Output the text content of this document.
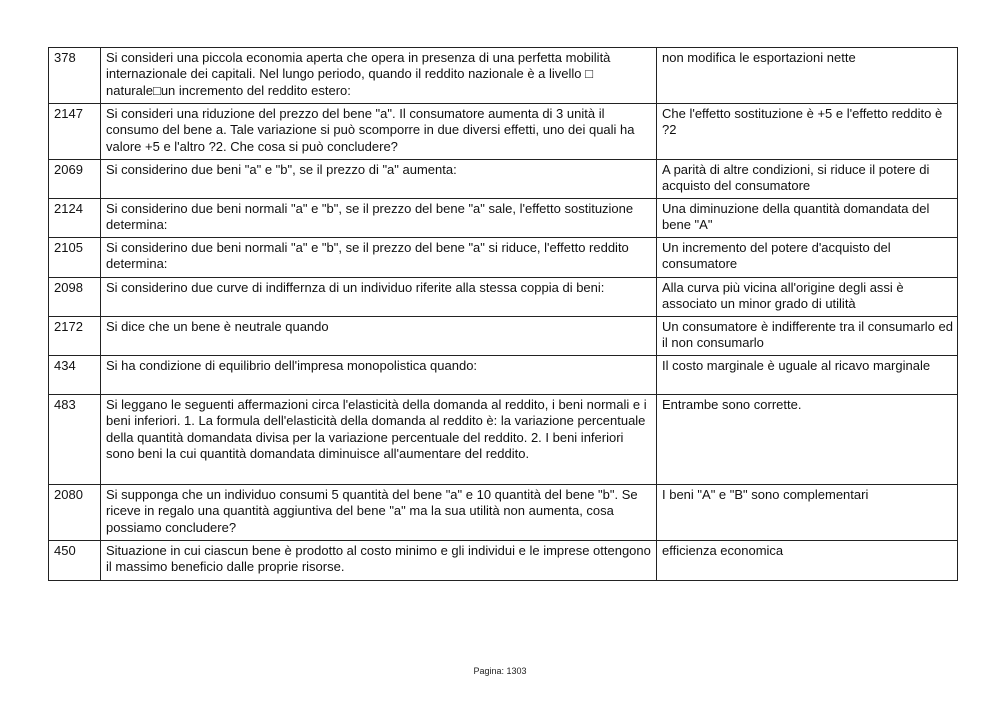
378	Si consideri una piccola economia aperta che opera in presenza di una perfetta mobilità internazionale dei capitali. Nel lungo periodo, quando il reddito nazionale è a livello □ naturale□un incremento del reddito estero:	non modifica le esportazioni nette
2147	Si consideri una riduzione del prezzo del bene "a". Il consumatore aumenta di 3 unità il consumo del bene a. Tale variazione si può scomporre in due diversi effetti, uno dei quali ha valore +5 e l'altro ?2. Che cosa si può concludere?	Che l'effetto sostituzione è +5 e l'effetto reddito è ?2
2069	Si considerino due beni "a" e "b", se il prezzo di "a" aumenta:	A parità di altre condizioni, si riduce il potere di acquisto del consumatore
2124	Si considerino due beni normali "a" e "b", se il prezzo del bene "a" sale, l'effetto sostituzione determina:	Una diminuzione della quantità domandata del bene "A"
2105	Si considerino due beni normali "a" e "b", se il prezzo del bene "a" si riduce, l'effetto reddito determina:	Un incremento del potere d'acquisto del consumatore
2098	Si considerino due curve di indiffernza di un individuo riferite alla stessa coppia di beni:	Alla curva più vicina all'origine degli assi è associato un minor grado di utilità
2172	Si dice che un bene è neutrale quando	Un consumatore è indifferente tra il consumarlo ed il non consumarlo
434	Si ha condizione di equilibrio dell'impresa monopolistica quando:	Il costo marginale è uguale al ricavo marginale
483	Si leggano le seguenti affermazioni circa l'elasticità della domanda al reddito, i beni normali e i beni inferiori. 1. La formula dell'elasticità della domanda al reddito è: la variazione percentuale della quantità domandata divisa per la variazione percentuale del reddito. 2. I beni inferiori sono beni la cui quantità domandata diminuisce all'aumentare del reddito.	Entrambe sono corrette.
2080	Si supponga che un individuo consumi 5 quantità del bene "a" e 10 quantità del bene "b". Se riceve in regalo una quantità aggiuntiva del bene "a" ma la sua utilità non aumenta, cosa possiamo concludere?	I beni "A" e "B" sono complementari
450	Situazione in cui ciascun bene è prodotto al costo minimo e gli individui e le imprese ottengono il massimo beneficio dalle proprie risorse.	efficienza economica
Pagina: 1303
